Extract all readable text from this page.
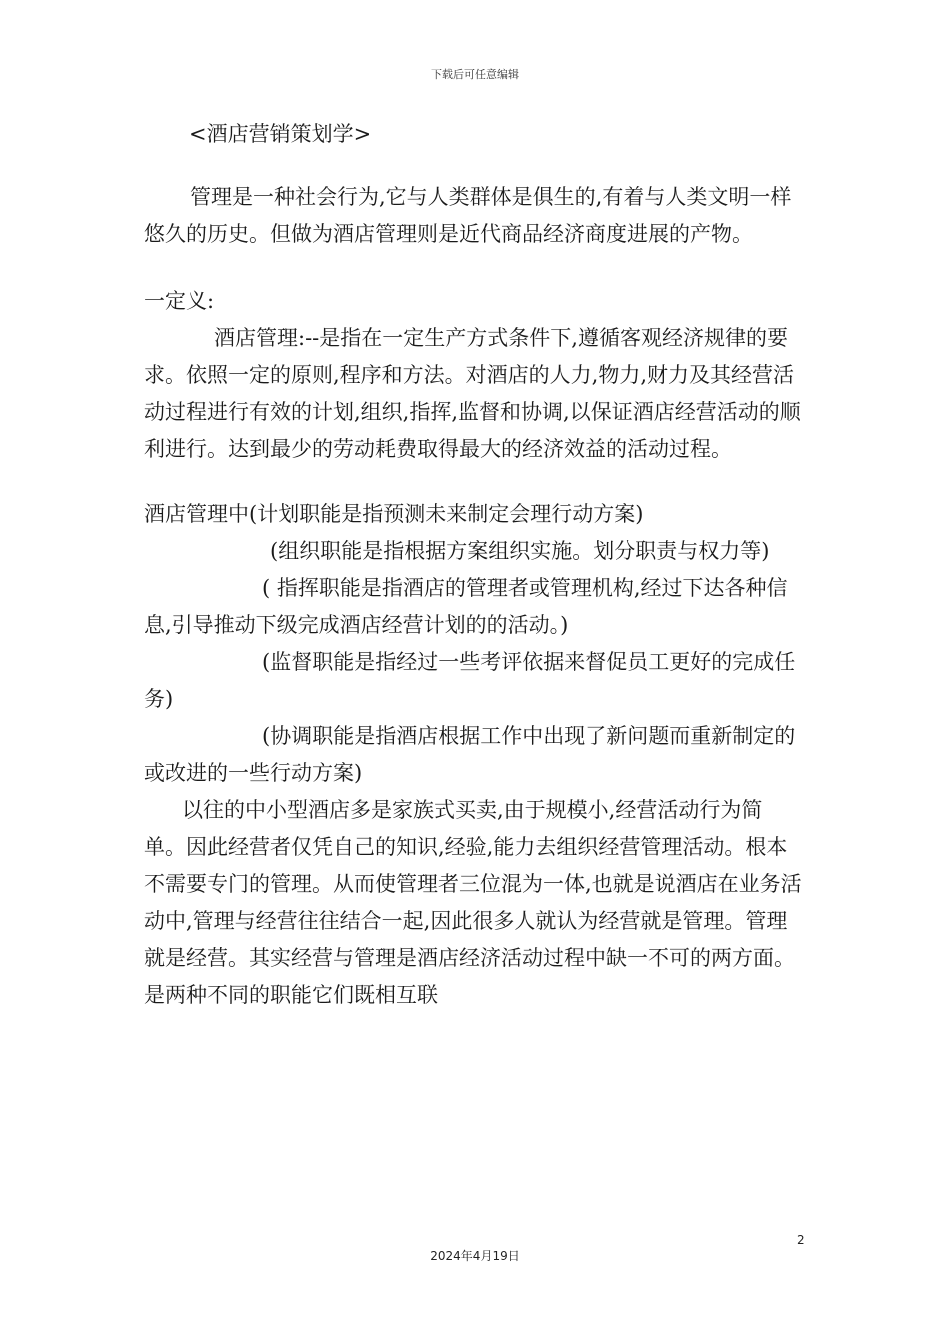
下载后可任意编辑

<酒店营销策划学>

管理是一种社会行为,它与人类群体是俱生的,有着与人类文明一样悠久的历史。但做为酒店管理则是近代商品经济商度进展的产物。

一定义:

酒店管理:--是指在一定生产方式条件下,遵循客观经济规律的要求。依照一定的原则,程序和方法。对酒店的人力,物力,财力及其经营活动过程进行有效的计划,组织,指挥,监督和协调,以保证酒店经营活动的顺利进行。达到最少的劳动耗费取得最大的经济效益的活动过程。

酒店管理中(计划职能是指预测未来制定会理行动方案)

(组织职能是指根据方案组织实施。划分职责与权力等)

( 指挥职能是指酒店的管理者或管理机构,经过下达各种信息,引导推动下级完成酒店经营计划的的活动。)

(监督职能是指经过一些考评依据来督促员工更好的完成任务)

(协调职能是指酒店根据工作中出现了新问题而重新制定的或改进的一些行动方案)

以往的中小型酒店多是家族式买卖,由于规模小,经营活动行为简单。因此经营者仅凭自己的知识,经验,能力去组织经营管理活动。根本不需要专门的管理。从而使管理者三位混为一体,也就是说酒店在业务活动中,管理与经营往往结合一起,因此很多人就认为经营就是管理。管理就是经营。其实经营与管理是酒店经济活动过程中缺一不可的两方面。是两种不同的职能它们既相互联

2
2024年4月19日
